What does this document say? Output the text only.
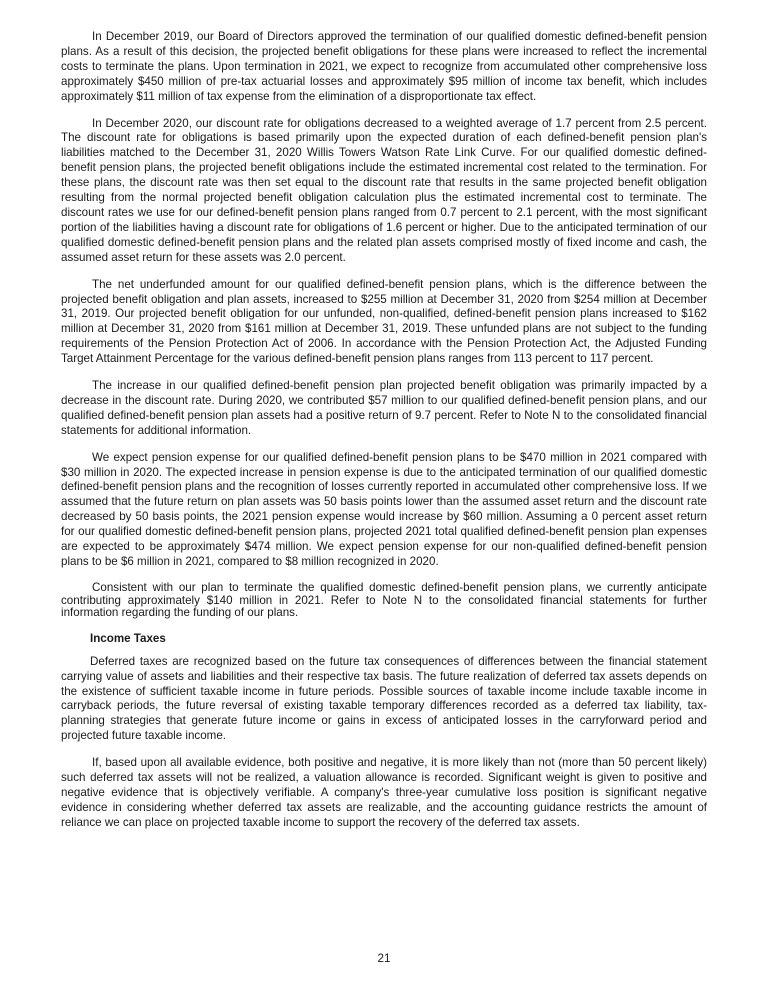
In December 2019, our Board of Directors approved the termination of our qualified domestic defined-benefit pension plans. As a result of this decision, the projected benefit obligations for these plans were increased to reflect the incremental costs to terminate the plans. Upon termination in 2021, we expect to recognize from accumulated other comprehensive loss approximately $450 million of pre-tax actuarial losses and approximately $95 million of income tax benefit, which includes approximately $11 million of tax expense from the elimination of a disproportionate tax effect.

In December 2020, our discount rate for obligations decreased to a weighted average of 1.7 percent from 2.5 percent. The discount rate for obligations is based primarily upon the expected duration of each defined-benefit pension plan's liabilities matched to the December 31, 2020 Willis Towers Watson Rate Link Curve. For our qualified domestic defined-benefit pension plans, the projected benefit obligations include the estimated incremental cost related to the termination. For these plans, the discount rate was then set equal to the discount rate that results in the same projected benefit obligation resulting from the normal projected benefit obligation calculation plus the estimated incremental cost to terminate. The discount rates we use for our defined-benefit pension plans ranged from 0.7 percent to 2.1 percent, with the most significant portion of the liabilities having a discount rate for obligations of 1.6 percent or higher. Due to the anticipated termination of our qualified domestic defined-benefit pension plans and the related plan assets comprised mostly of fixed income and cash, the assumed asset return for these assets was 2.0 percent.

The net underfunded amount for our qualified defined-benefit pension plans, which is the difference between the projected benefit obligation and plan assets, increased to $255 million at December 31, 2020 from $254 million at December 31, 2019. Our projected benefit obligation for our unfunded, non-qualified, defined-benefit pension plans increased to $162 million at December 31, 2020 from $161 million at December 31, 2019. These unfunded plans are not subject to the funding requirements of the Pension Protection Act of 2006. In accordance with the Pension Protection Act, the Adjusted Funding Target Attainment Percentage for the various defined-benefit pension plans ranges from 113 percent to 117 percent.

The increase in our qualified defined-benefit pension plan projected benefit obligation was primarily impacted by a decrease in the discount rate. During 2020, we contributed $57 million to our qualified defined-benefit pension plans, and our qualified defined-benefit pension plan assets had a positive return of 9.7 percent. Refer to Note N to the consolidated financial statements for additional information.

We expect pension expense for our qualified defined-benefit pension plans to be $470 million in 2021 compared with $30 million in 2020. The expected increase in pension expense is due to the anticipated termination of our qualified domestic defined-benefit pension plans and the recognition of losses currently reported in accumulated other comprehensive loss. If we assumed that the future return on plan assets was 50 basis points lower than the assumed asset return and the discount rate decreased by 50 basis points, the 2021 pension expense would increase by $60 million. Assuming a 0 percent asset return for our qualified domestic defined-benefit pension plans, projected 2021 total qualified defined-benefit pension plan expenses are expected to be approximately $474 million. We expect pension expense for our non-qualified defined-benefit pension plans to be $6 million in 2021, compared to $8 million recognized in 2020.

Consistent with our plan to terminate the qualified domestic defined-benefit pension plans, we currently anticipate contributing approximately $140 million in 2021. Refer to Note N to the consolidated financial statements for further information regarding the funding of our plans.

Income Taxes

Deferred taxes are recognized based on the future tax consequences of differences between the financial statement carrying value of assets and liabilities and their respective tax basis. The future realization of deferred tax assets depends on the existence of sufficient taxable income in future periods. Possible sources of taxable income include taxable income in carryback periods, the future reversal of existing taxable temporary differences recorded as a deferred tax liability, tax-planning strategies that generate future income or gains in excess of anticipated losses in the carryforward period and projected future taxable income.

If, based upon all available evidence, both positive and negative, it is more likely than not (more than 50 percent likely) such deferred tax assets will not be realized, a valuation allowance is recorded. Significant weight is given to positive and negative evidence that is objectively verifiable. A company's three-year cumulative loss position is significant negative evidence in considering whether deferred tax assets are realizable, and the accounting guidance restricts the amount of reliance we can place on projected taxable income to support the recovery of the deferred tax assets.

21
